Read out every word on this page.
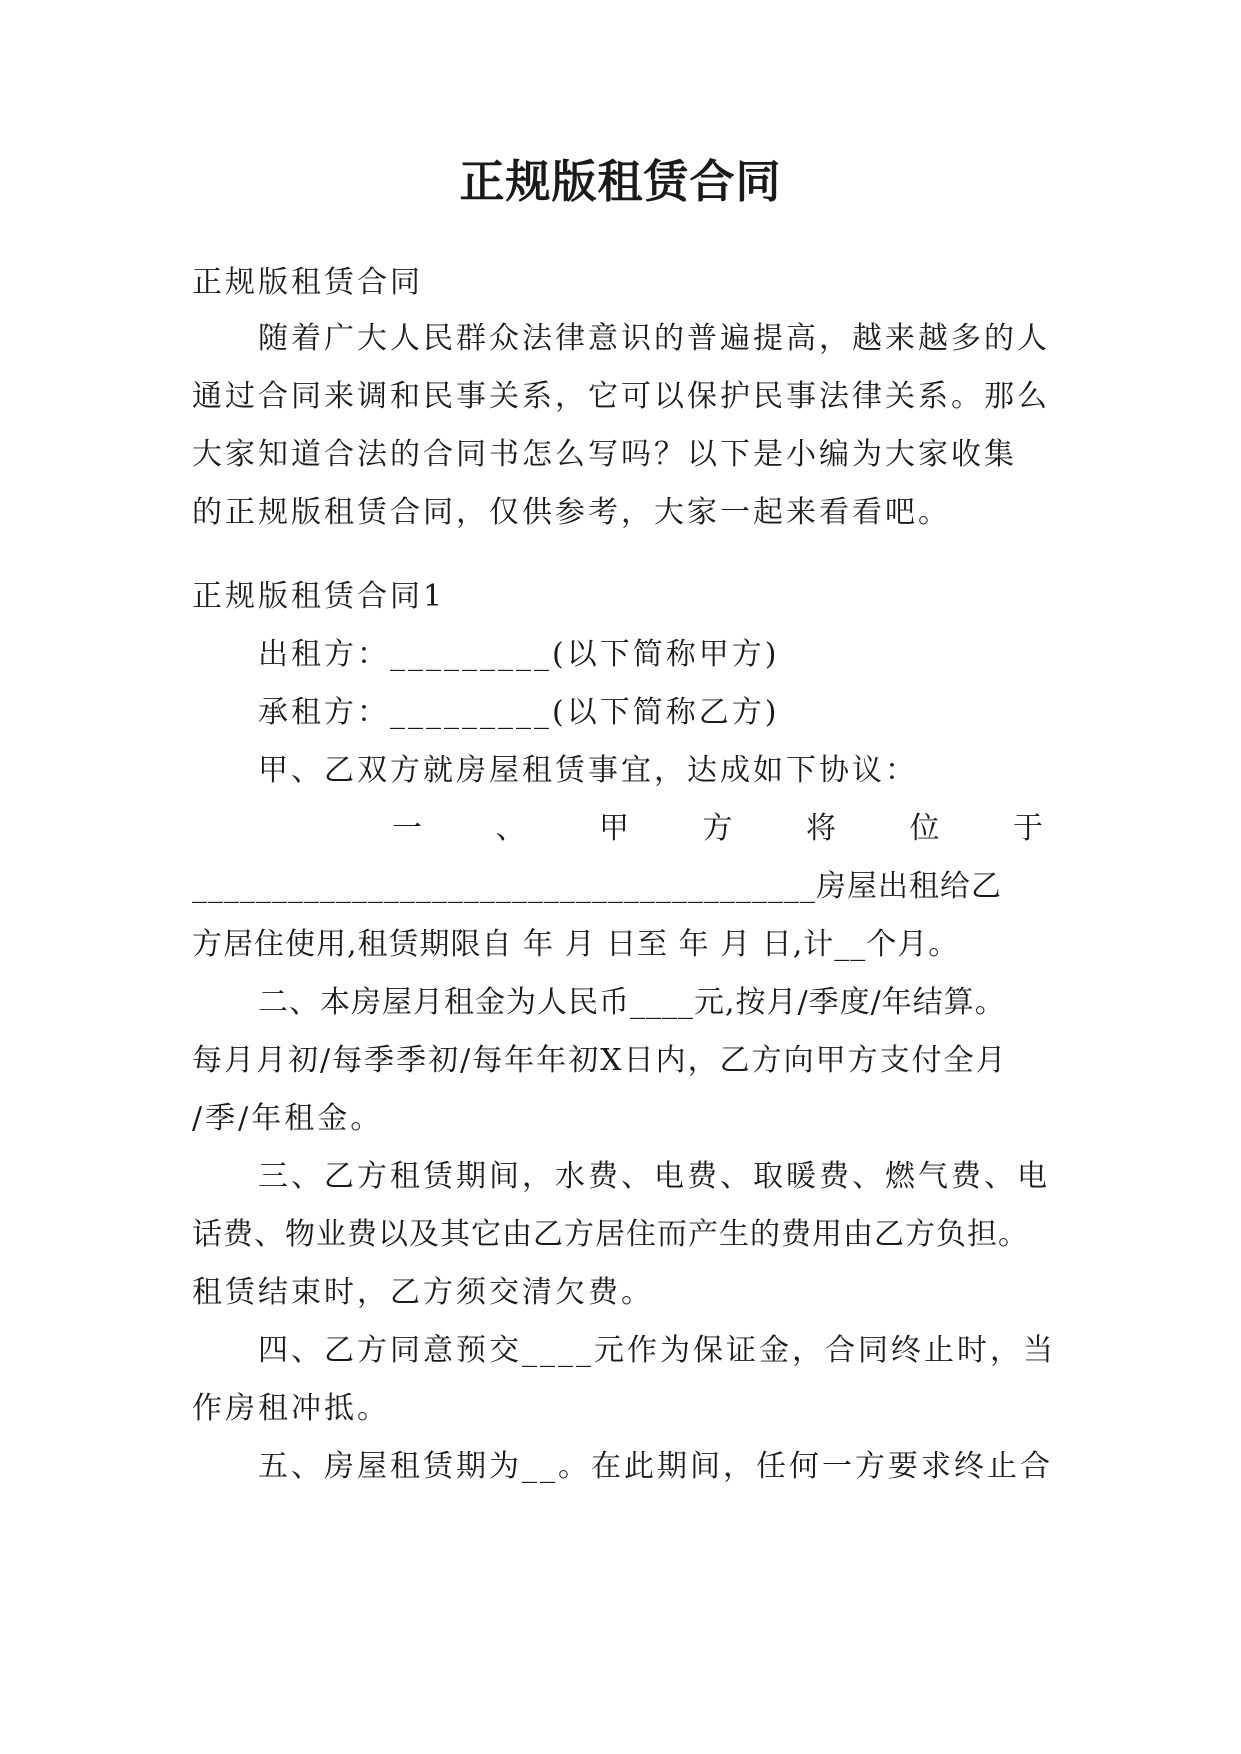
正规版租赁合同
正规版租赁合同
随着广大人民群众法律意识的普遍提高，越来越多的人
通过合同来调和民事关系，它可以保护民事法律关系。那么
大家知道合法的合同书怎么写吗？以下是小编为大家收集
的正规版租赁合同，仅供参考，大家一起来看看吧。
正规版租赁合同1
出租方：_________(以下简称甲方)
承租方：_________(以下简称乙方)
甲、乙双方就房屋租赁事宜，达成如下协议：
一 、 甲 方 将 位 于
_______________________________________房屋出租给乙
方居住使用,租赁期限自 年 月 日至 年 月 日,计__个月。
二、本房屋月租金为人民币____元,按月/季度/年结算。
每月月初/每季季初/每年年初X日内，乙方向甲方支付全月
/季/年租金。
三、乙方租赁期间，水费、电费、取暖费、燃气费、电
话费、物业费以及其它由乙方居住而产生的费用由乙方负担。
租赁结束时，乙方须交清欠费。
四、乙方同意预交____元作为保证金，合同终止时，当
作房租冲抵。
五、房屋租赁期为__。在此期间，任何一方要求终止合
